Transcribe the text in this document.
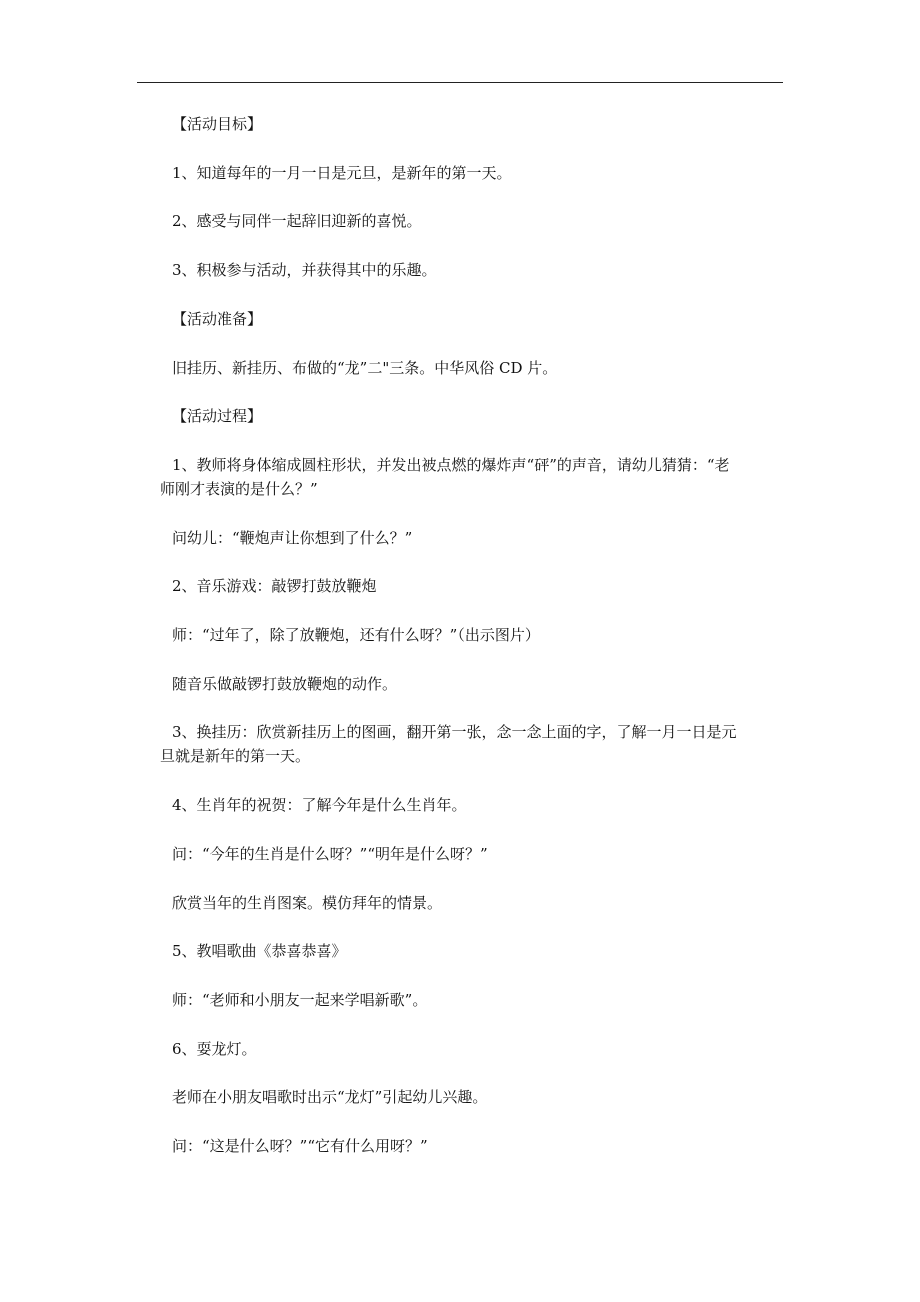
【活动目标】

1、知道每年的一月一日是元旦，是新年的第一天。

2、感受与同伴一起辞旧迎新的喜悦。

3、积极参与活动，并获得其中的乐趣。

【活动准备】

旧挂历、新挂历、布做的“龙”二"三条。中华风俗 CD 片。

【活动过程】

1、教师将身体缩成圆柱形状，并发出被点燃的爆炸声“砰”的声音，请幼儿猜猜：“老
师刚才表演的是什么？”

问幼儿：“鞭炮声让你想到了什么？”

2、音乐游戏：敲锣打鼓放鞭炮

师：“过年了，除了放鞭炮，还有什么呀？”（出示图片）

随音乐做敲锣打鼓放鞭炮的动作。

3、换挂历：欣赏新挂历上的图画，翻开第一张，念一念上面的字，了解一月一日是元
旦就是新年的第一天。

4、生肖年的祝贺：了解今年是什么生肖年。

问：“今年的生肖是什么呀？”“明年是什么呀？”

欣赏当年的生肖图案。模仿拜年的情景。

5、教唱歌曲《恭喜恭喜》

师：“老师和小朋友一起来学唱新歌”。

6、耍龙灯。

老师在小朋友唱歌时出示“龙灯”引起幼儿兴趣。

问：“这是什么呀？”“它有什么用呀？”
